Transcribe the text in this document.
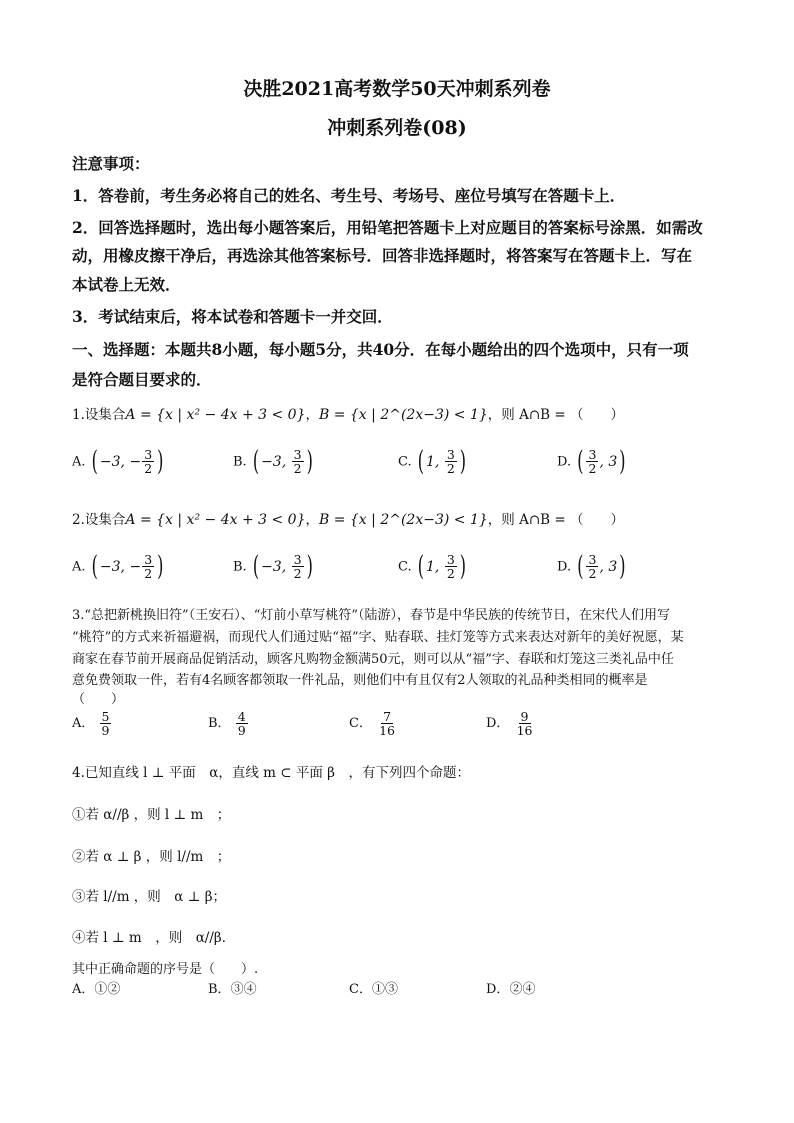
决胜2021高考数学50天冲刺系列卷
冲刺系列卷(08)
注意事项：
1．答卷前，考生务必将自己的姓名、考生号、考场号、座位号填写在答题卡上．
2．回答选择题时，选出每小题答案后，用铅笔把答题卡上对应题目的答案标号涂黑．如需改
动，用橡皮擦干净后，再选涂其他答案标号．回答非选择题时，将答案写在答题卡上．写在
本试卷上无效．
3．考试结束后，将本试卷和答题卡一并交回．
一、选择题：本题共8小题，每小题5分，共40分．在每小题给出的四个选项中，只有一项
是符合题目要求的．
1.设集合A = {x | x² − 4x + 3 < 0}，B = {x | 2^(2x−3) < 1}，则 A∩B = （　　）
A. ( −3, − $\frac{3}{2}$ )	B. ( −3, $\frac{3}{2}$ )	C. ( 1, $\frac{3}{2}$ )	D. ( $\frac{3}{2}$ , 3 )
2.设集合A = {x | x² − 4x + 3 < 0}，B = {x | 2^(2x−3) < 1}，则 A∩B = （　　）
A. ( −3, − $\frac{3}{2}$ )	B. ( −3, $\frac{3}{2}$ )	C. ( 1, $\frac{3}{2}$ )	D. ( $\frac{3}{2}$ , 3 )
3.“总把新桃换旧符”（王安石）、“灯前小草写桃符”（陆游），春节是中华民族的传统节日，在宋代人们用写
“桃符”的方式来祈福避祸，而现代人们通过贴“福”字、贴春联、挂灯笼等方式来表达对新年的美好祝愿，某
商家在春节前开展商品促销活动，顾客凡购物金额满50元，则可以从“福”字、春联和灯笼这三类礼品中任
意免费领取一件，若有4名顾客都领取一件礼品，则他们中有且仅有2人领取的礼品种类相同的概率是
（　　）
A． $\frac{5}{9}$	B． $\frac{4}{9}$	C． $\frac{7}{16}$	D． $\frac{9}{16}$
4.已知直线 l ⊥ 平面　α，直线 m ⊂ 平面 β　，有下列四个命题：
①若 α//β ，则 l ⊥ m　；
②若 α ⊥ β ，则 l//m　；
③若 l//m ，则　α ⊥ β；
④若 l ⊥ m　，则　α//β．
其中正确命题的序号是（　　）.
A．①②	B．③④	C．①③	D．②④
